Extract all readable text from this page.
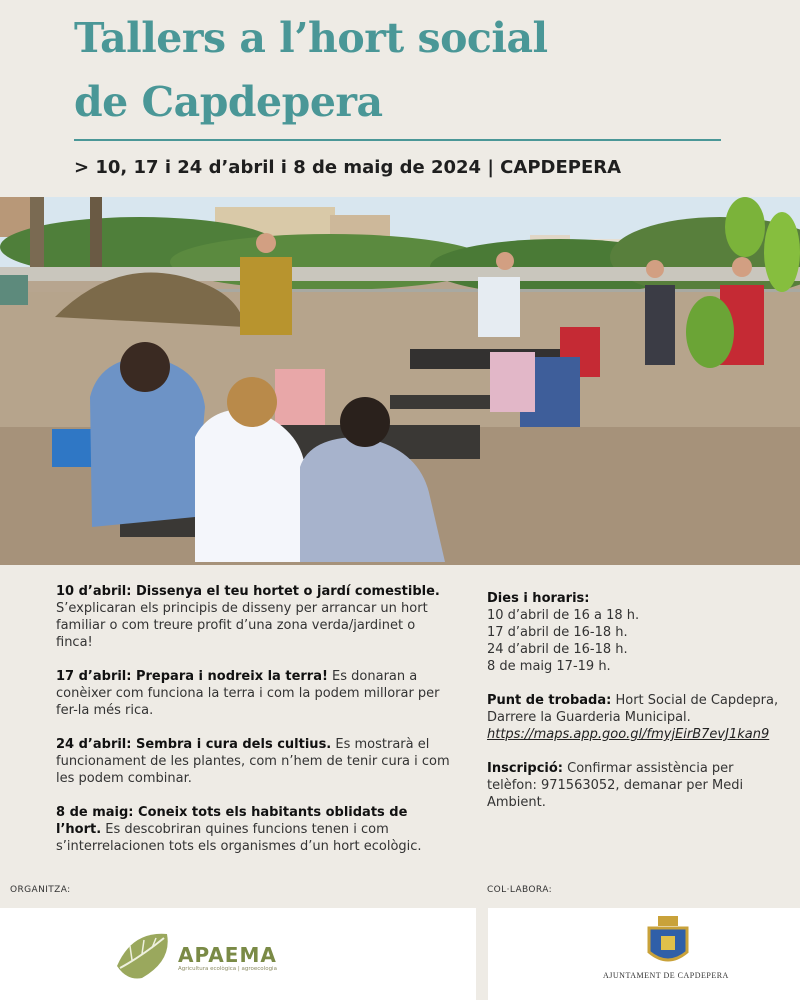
Tallers a l’hort social
de Capdepera
> 10, 17 i 24 d’abril i 8 de maig de 2024 | CAPDEPERA
10 d’abril: Dissenya el teu hortet o jardí comestible. S’explicaran els principis de disseny per arrancar un hort familiar o com treure profit d’una zona verda/jardinet o finca!
17 d’abril: Prepara i nodreix la terra! Es donaran a conèixer com funciona la terra i com la podem millorar per fer-la més rica.
24 d’abril: Sembra i cura dels cultius. Es mostrarà el funcionament de les plantes, com n’hem de tenir cura i com les podem combinar.
8 de maig: Coneix tots els habitants oblidats de l’hort. Es descobriran quines funcions tenen i com s’interrelacionen tots els organismes d’un hort ecològic.
Dies i horaris:
10 d’abril de 16 a 18 h.
17 d’abril de 16-18 h.
24 d’abril de 16-18 h.
8 de maig 17-19 h.
Punt de trobada: Hort Social de Capdepra, Darrere la Guarderia Municipal.
https://maps.app.goo.gl/fmyjEirB7evJ1kan9
Inscripció: Confirmar assistència per telèfon: 971563052, demanar per Medi Ambient.
ORGANITZA:	COL·LABORA:
APAEMA
Agricultura ecològica | agroecologia
AJUNTAMENT DE CAPDEPERA
